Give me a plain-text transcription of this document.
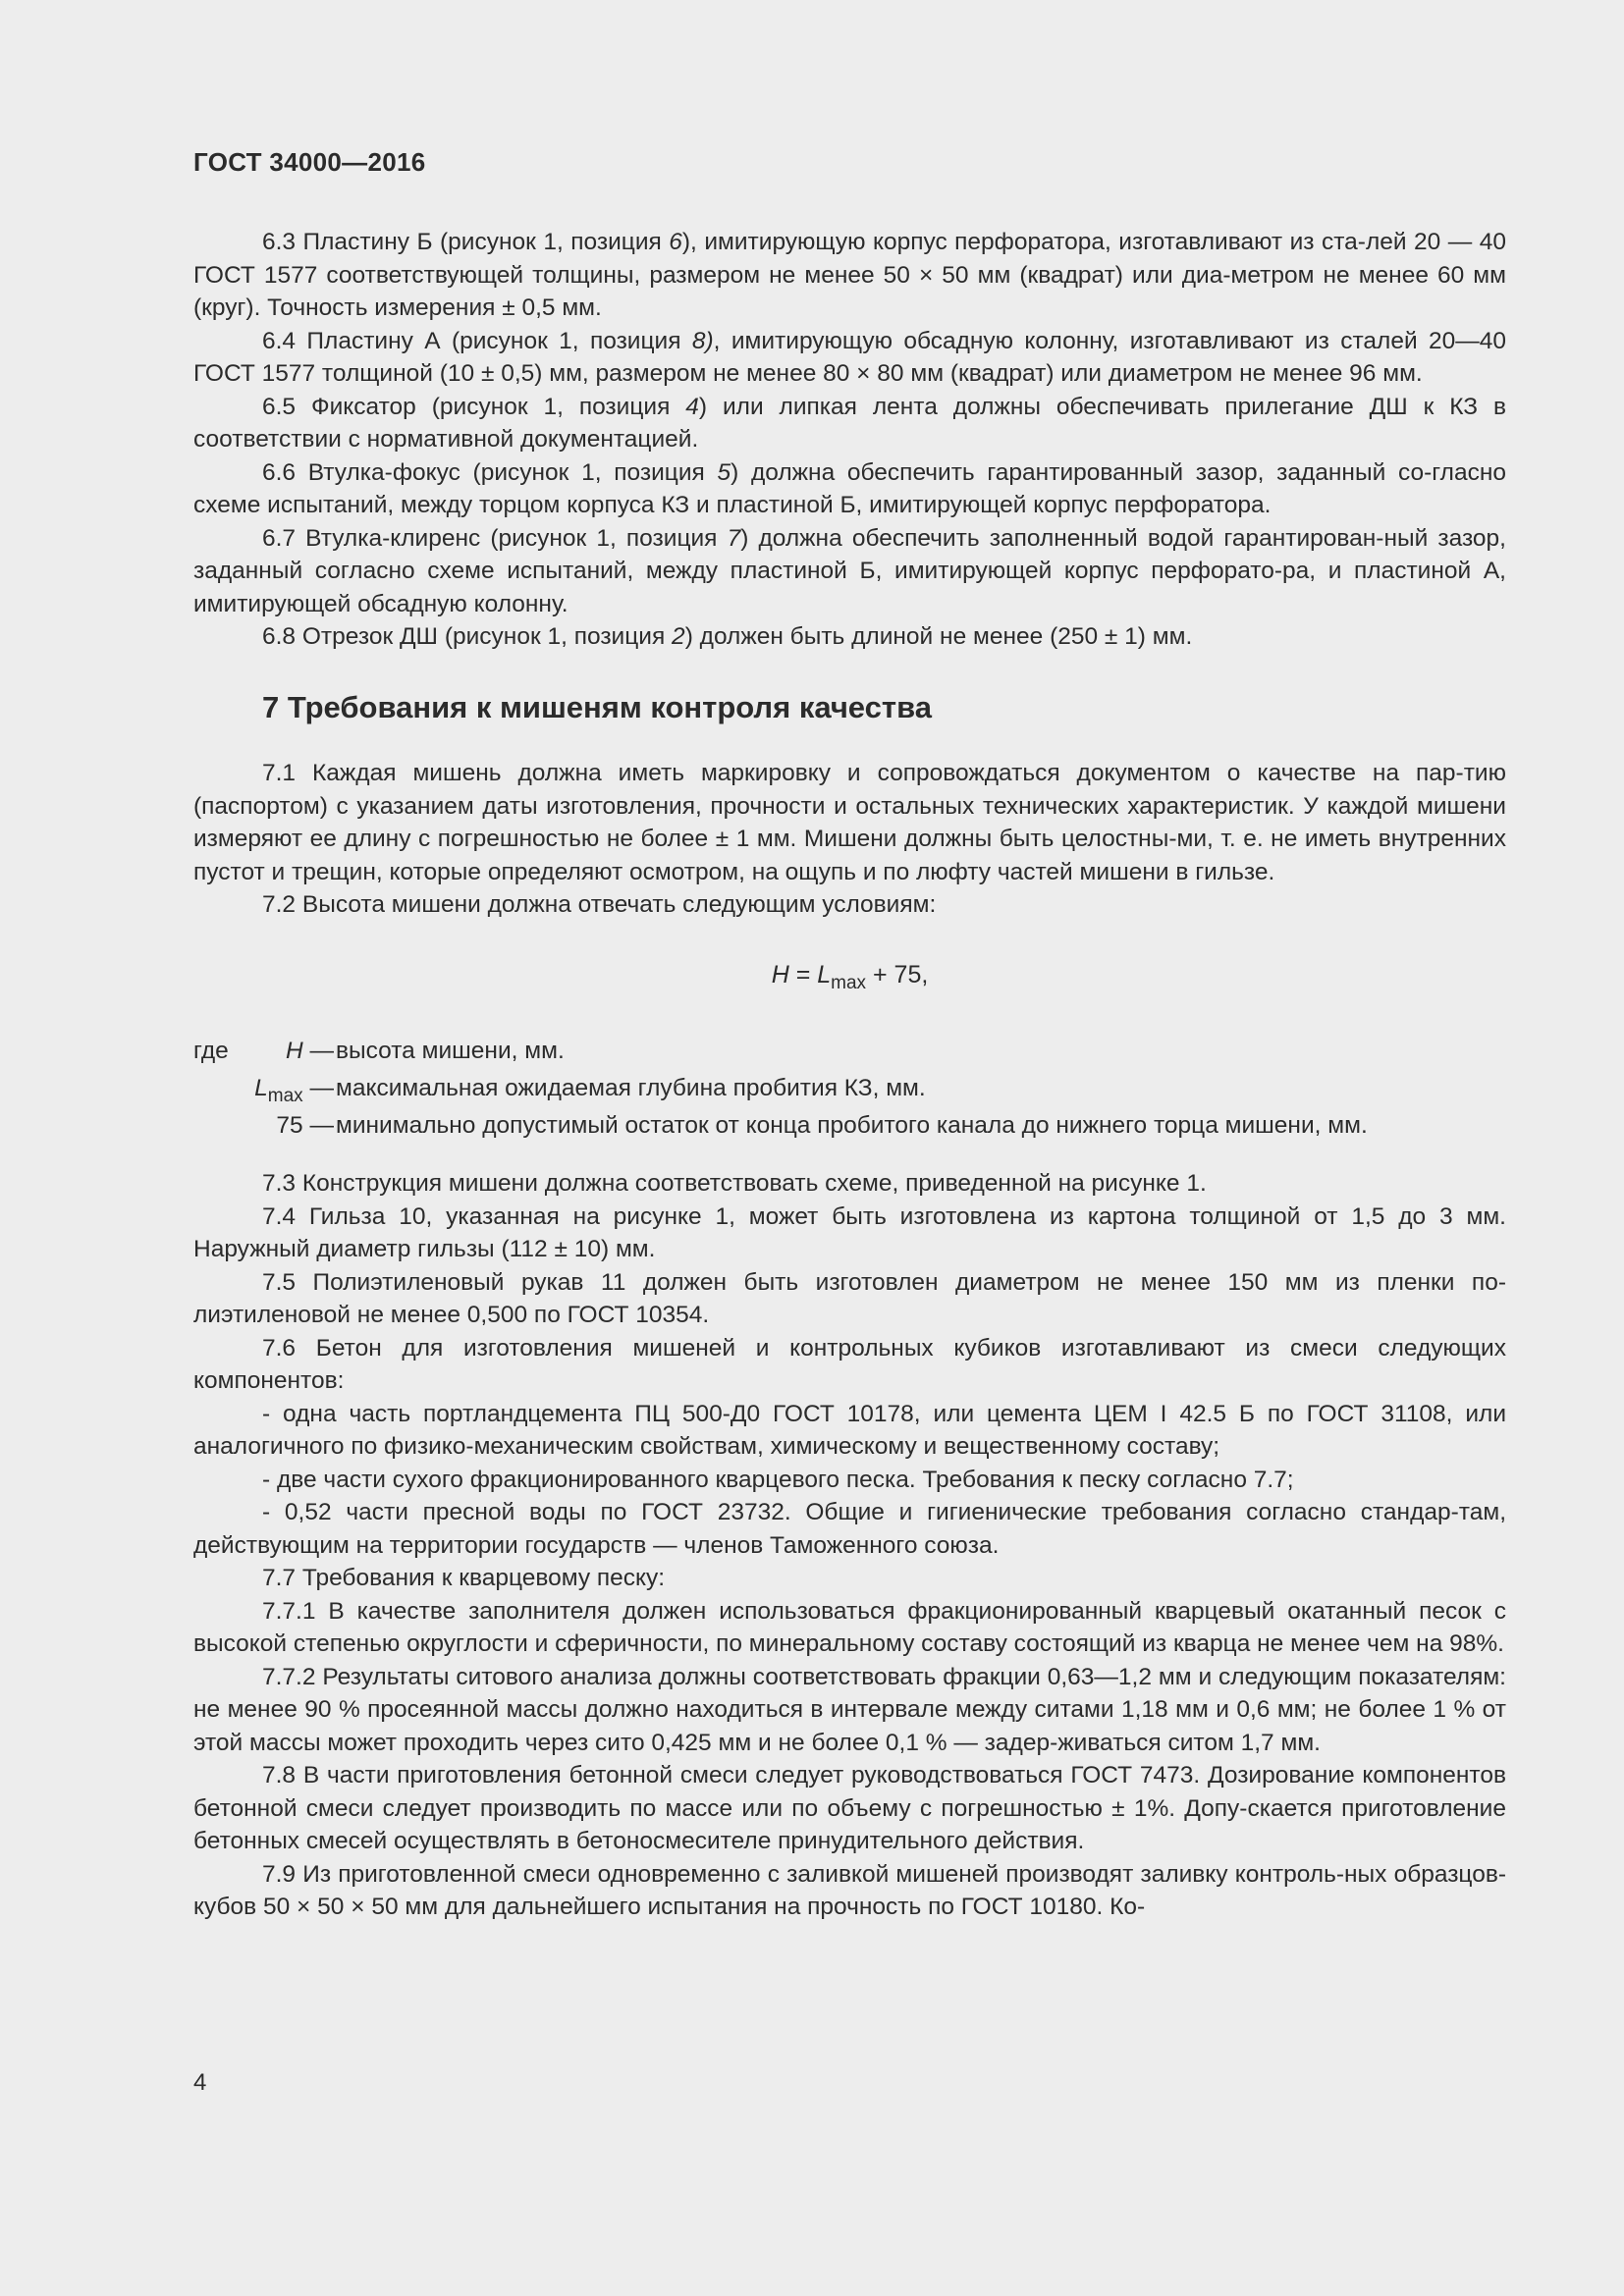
ГОСТ 34000—2016

6.3 Пластину Б (рисунок 1, позиция 6), имитирующую корпус перфоратора, изготавливают из ста-лей 20 — 40 ГОСТ 1577 соответствующей толщины, размером не менее 50 × 50 мм (квадрат) или диа-метром не менее 60 мм (круг). Точность измерения ± 0,5 мм.

6.4 Пластину А (рисунок 1, позиция 8), имитирующую обсадную колонну, изготавливают из сталей 20—40 ГОСТ 1577 толщиной (10 ± 0,5) мм, размером не менее 80 × 80 мм (квадрат) или диаметром не менее 96 мм.

6.5 Фиксатор (рисунок 1, позиция 4) или липкая лента должны обеспечивать прилегание ДШ к КЗ в соответствии с нормативной документацией.

6.6 Втулка-фокус (рисунок 1, позиция 5) должна обеспечить гарантированный зазор, заданный со-гласно схеме испытаний, между торцом корпуса КЗ и пластиной Б, имитирующей корпус перфоратора.

6.7 Втулка-клиренс (рисунок 1, позиция 7) должна обеспечить заполненный водой гарантирован-ный зазор, заданный согласно схеме испытаний, между пластиной Б, имитирующей корпус перфорато-ра, и пластиной А, имитирующей обсадную колонну.

6.8 Отрезок ДШ (рисунок 1, позиция 2) должен быть длиной не менее (250 ± 1) мм.

7 Требования к мишеням контроля качества

7.1 Каждая мишень должна иметь маркировку и сопровождаться документом о качестве на пар-тию (паспортом) с указанием даты изготовления, прочности и остальных технических характеристик. У каждой мишени измеряют ее длину с погрешностью не более ± 1 мм. Мишени должны быть целостны-ми, т. е. не иметь внутренних пустот и трещин, которые определяют осмотром, на ощупь и по люфту частей мишени в гильзе.

7.2 Высота мишени должна отвечать следующим условиям:

$H = L_{max} + 75$,
где H — высота мишени, мм.
$L_{max}$ — максимальная ожидаемая глубина пробития КЗ, мм.
75 — минимально допустимый остаток от конца пробитого канала до нижнего торца мишени, мм.

7.3 Конструкция мишени должна соответствовать схеме, приведенной на рисунке 1.

7.4 Гильза 10, указанная на рисунке 1, может быть изготовлена из картона толщиной от 1,5 до 3 мм. Наружный диаметр гильзы (112 ± 10) мм.

7.5 Полиэтиленовый рукав 11 должен быть изготовлен диаметром не менее 150 мм из пленки по-лиэтиленовой не менее 0,500 по ГОСТ 10354.

7.6 Бетон для изготовления мишеней и контрольных кубиков изготавливают из смеси следующих компонентов:

- одна часть портландцемента ПЦ 500-Д0 ГОСТ 10178, или цемента ЦЕМ I 42.5 Б по ГОСТ 31108, или аналогичного по физико-механическим свойствам, химическому и вещественному составу;

- две части сухого фракционированного кварцевого песка. Требования к песку согласно 7.7;

- 0,52 части пресной воды по ГОСТ 23732. Общие и гигиенические требования согласно стандар-там, действующим на территории государств — членов Таможенного союза.

7.7 Требования к кварцевому песку:

7.7.1 В качестве заполнителя должен использоваться фракционированный кварцевый окатанный песок с высокой степенью округлости и сферичности, по минеральному составу состоящий из кварца не менее чем на 98%.

7.7.2 Результаты ситового анализа должны соответствовать фракции 0,63—1,2 мм и следующим показателям: не менее 90 % просеянной массы должно находиться в интервале между ситами 1,18 мм и 0,6 мм; не более 1 % от этой массы может проходить через сито 0,425 мм и не более 0,1 % — задер-живаться ситом 1,7 мм.

7.8 В части приготовления бетонной смеси следует руководствоваться ГОСТ 7473. Дозирование компонентов бетонной смеси следует производить по массе или по объему с погрешностью ± 1%. Допу-скается приготовление бетонных смесей осуществлять в бетоносмесителе принудительного действия.

7.9 Из приготовленной смеси одновременно с заливкой мишеней производят заливку контроль-ных образцов-кубов 50 × 50 × 50 мм для дальнейшего испытания на прочность по ГОСТ 10180. Ко-

4
